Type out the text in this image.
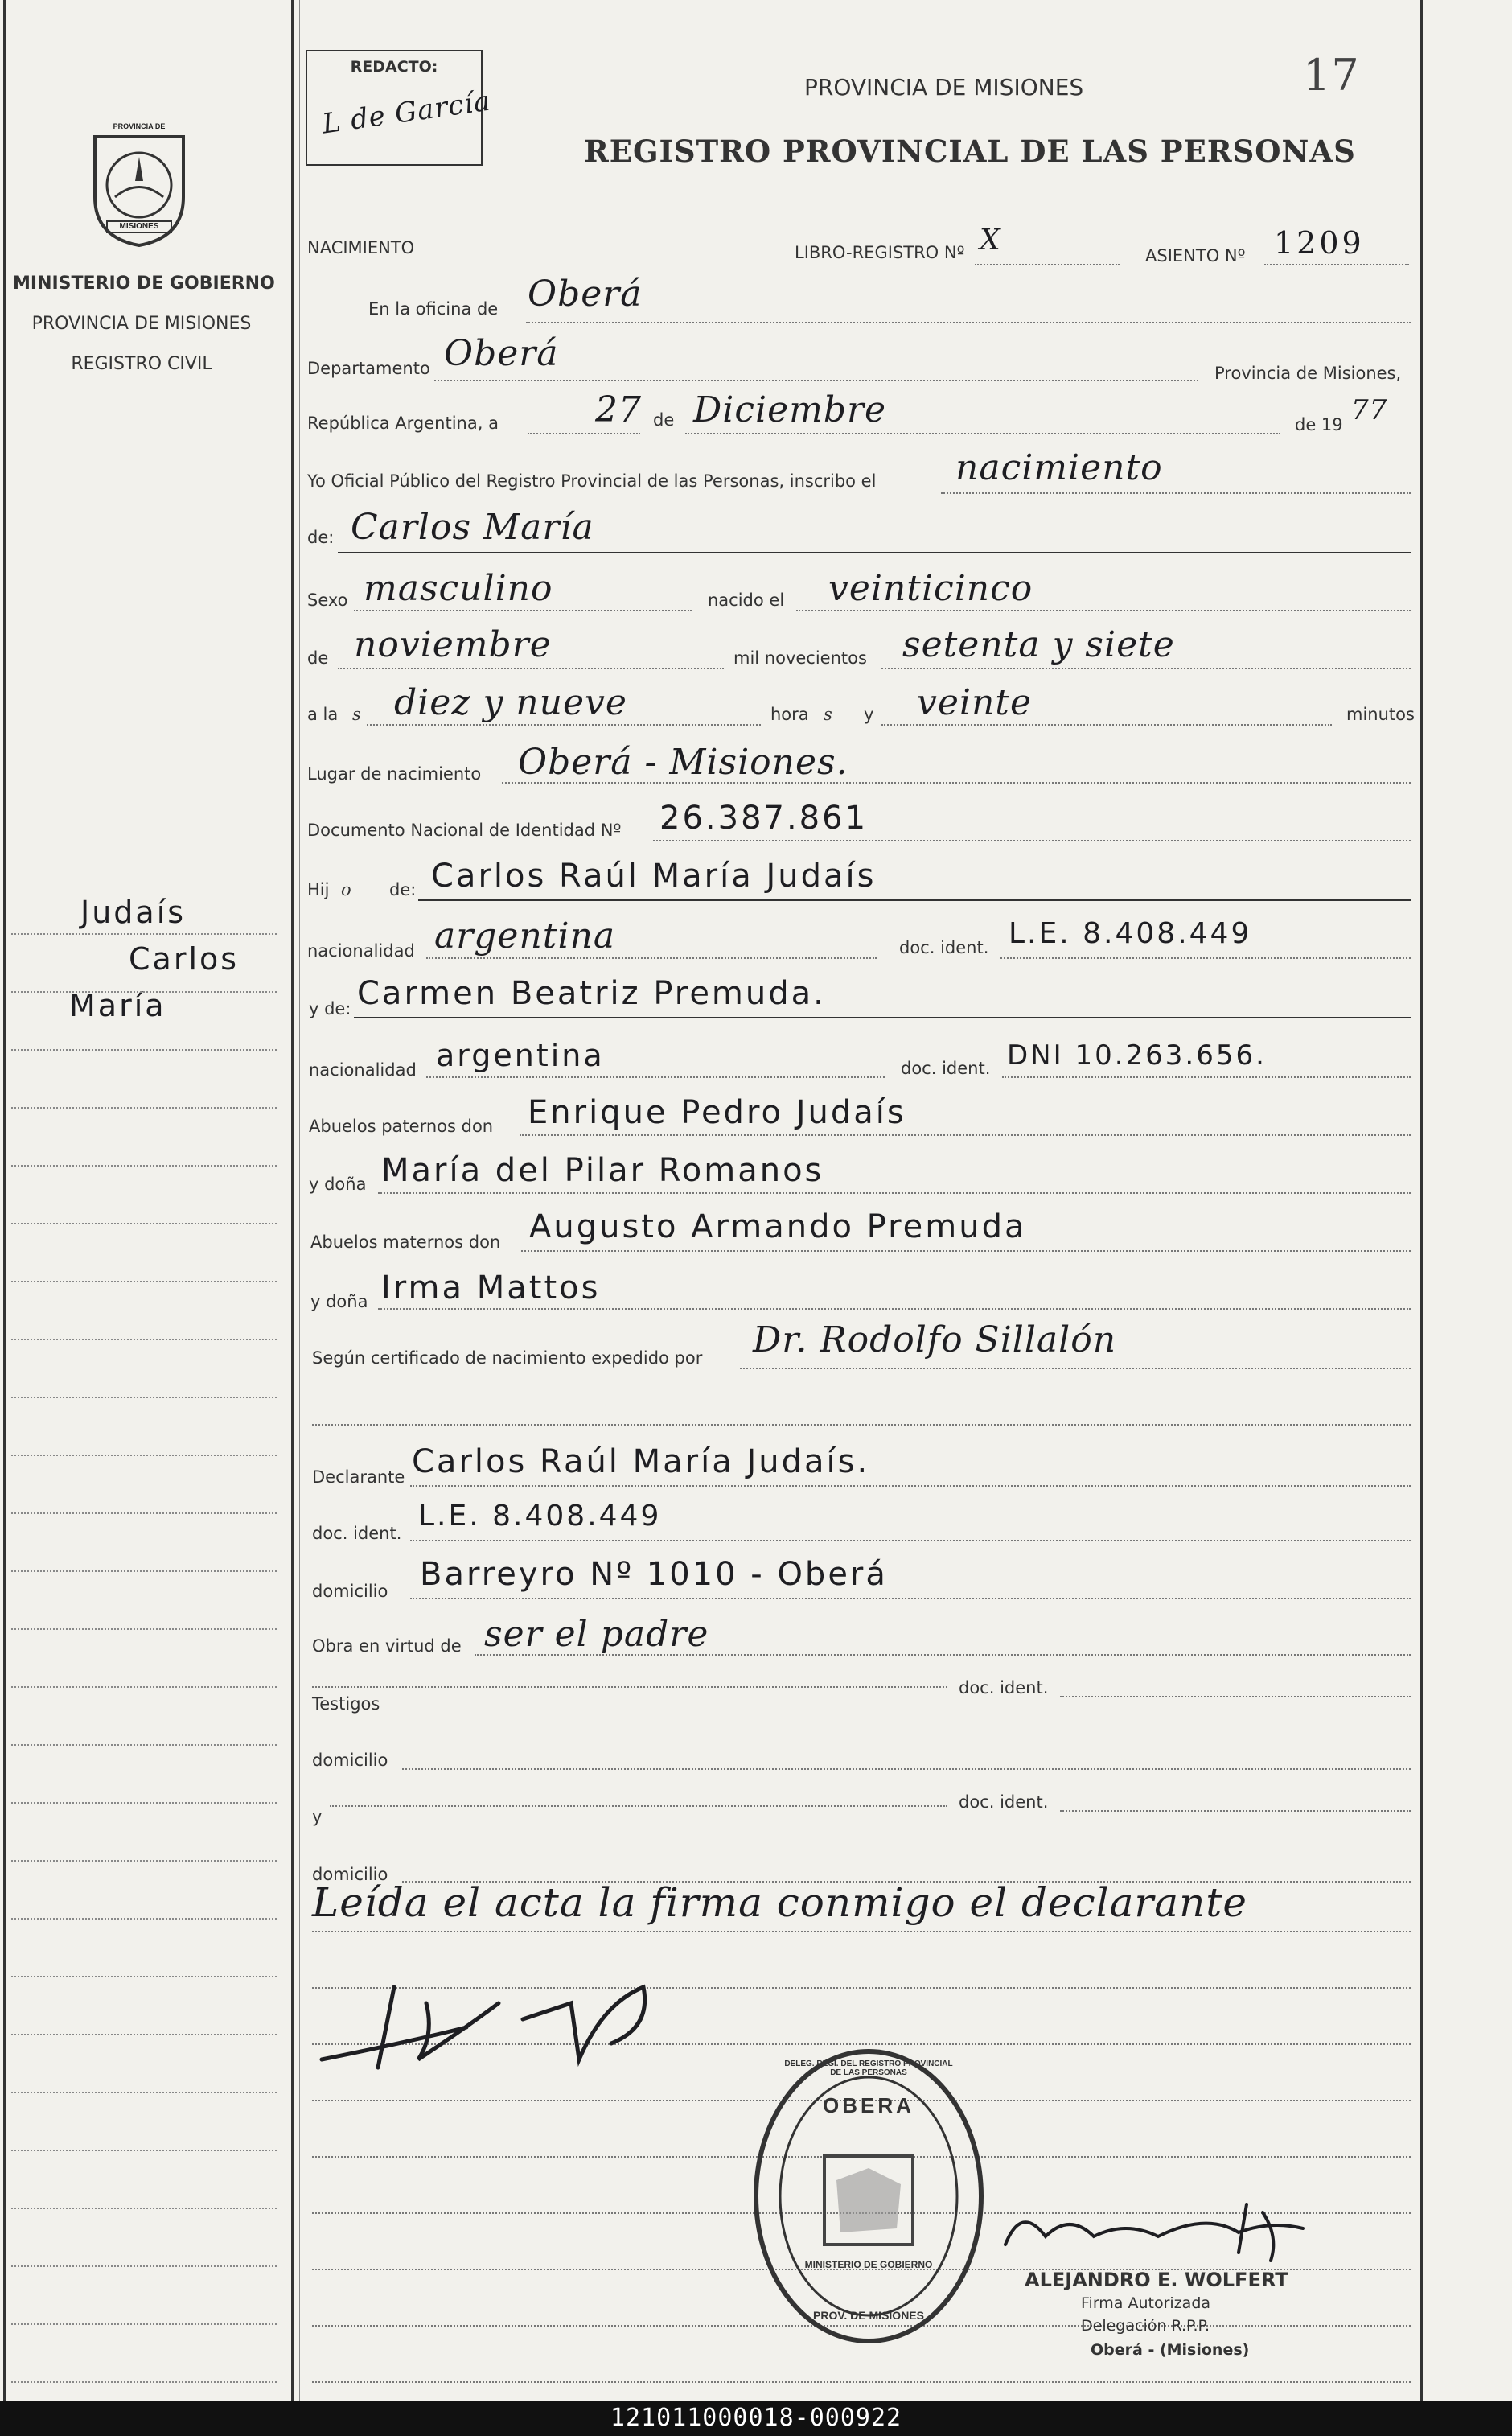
PROVINCIA DE
MISIONES
MINISTERIO DE GOBIERNO
PROVINCIA DE MISIONES
REGISTRO CIVIL
Judaís
Carlos
María
REDACTO:
L de García	PROVINCIA DE MISIONES
REGISTRO PROVINCIAL DE LAS PERSONAS
17
NACIMIENTO	LIBRO-REGISTRO Nº X	ASIENTO Nº 1209
En la oficina de Oberá
Departamento Oberá	Provincia de Misiones,
República Argentina, a	27 de Diciembre	de 19 77
Yo Oficial Público del Registro Provincial de las Personas, inscribo el nacimiento
de: Carlos María
Sexo masculino	nacido el veinticinco
de noviembre	mil novecientos setenta y siete
a la s diez y nueve	hora s y veinte	minutos
Lugar de nacimiento Oberá - Misiones.
Documento Nacional de Identidad Nº 26.387.861
Hij o de: Carlos Raúl María Judaís
nacionalidad argentina	doc. ident. L.E. 8.408.449
y de: Carmen Beatriz Premuda.
nacionalidad argentina	doc. ident. DNI 10.263.656.
Abuelos paternos don Enrique Pedro Judaís
y doña María del Pilar Romanos
Abuelos maternos don Augusto Armando Premuda
y doña Irma Mattos
Según certificado de nacimiento expedido por Dr. Rodolfo Sillalón
Declarante Carlos Raúl María Judaís.
doc. ident.
L.E. 8.408.449
domicilio Barreyro Nº 1010 - Oberá
Obra en virtud de ser el padre
Testigos
doc. ident.
domicilio
y
doc. ident.
domicilio
Leída el acta la firma conmigo el declarante
OBERA
DELEG. REGI. DEL REGISTRO PROVINCIAL DE LAS PERSONAS
MINISTERIO DE GOBIERNO
PROV. DE MISIONES
ALEJANDRO E. WOLFERT
Firma Autorizada
Delegación R.P.P.
Oberá - (Misiones)
121011000018-000922
